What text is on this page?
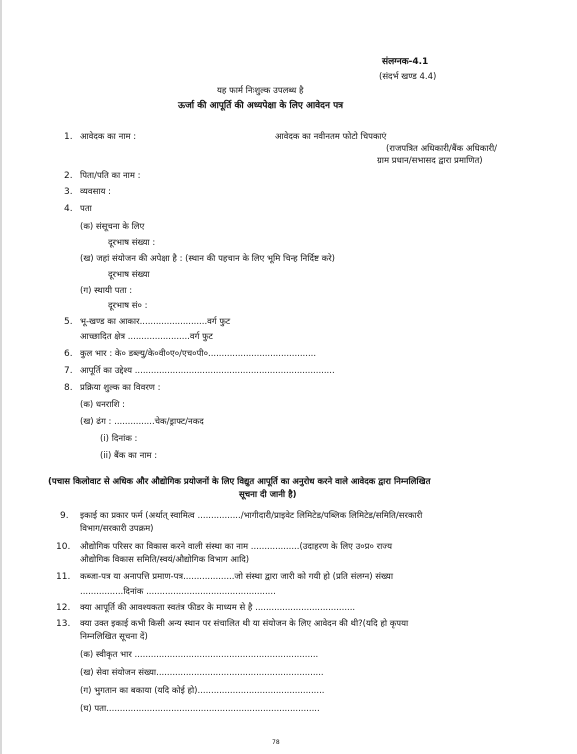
संलग्नक-4.1
(संदर्भ खण्ड 4.4)
यह फार्म निःशुल्क उपलब्ध है
ऊर्जा की आपूर्ति की अध्यपेक्षा के लिए आवेदन पत्र
1. आवेदक का नाम :	आवेदक का नवीनतम फोटो चिपकाएं
(राजपत्रित अधिकारी/बैंक अधिकारी/
ग्राम प्रधान/सभासद द्वारा प्रमाणित)
2. पिता/पति का नाम :
3. व्यवसाय :
4. पता
(क) संसूचना के लिए
दूरभाष संख्या :
(ख) जहां संयोजन की अपेक्षा है : (स्थान की पहचान के लिए भूमि चिन्ह निर्दिष्ट करे)
दूरभाष संख्या
(ग) स्थायी पता :
दूरभाष सं० :
5. भू-खण्ड का आकार.........................वर्ग फुट
आच्छादित क्षेत्र .......................वर्ग फुट
6. कुल भार : के० डब्ल्यु/के०वी०ए०/एच०पी०........................................
7. आपूर्ति का उद्देश्य ..........................................................................
8. प्रक्रिया शुल्क का विवरण :
(क) धनराशि :
(ख) ढंग : ...............चेक/ड्राफ्ट/नकद
(i) दिनांक :
(ii) बैंक का नाम :
(पचास किलोवाट से अधिक और औद्योगिक प्रयोजनों के लिए विद्युत आपूर्ति का अनुरोध करने वाले आवेदक द्वारा निम्नलिखित
सूचना दी जानी है)
9. इकाई का प्रकार फर्म (अर्थात् स्वामित्व ................/भागीदारी/प्राइवेट लिमिटेड/पब्लिक लिमिटेड/समिति/सरकारी
विभाग/सरकारी उपक्रम)
10. औद्योगिक परिसर का विकास करने वाली संस्था का नाम ..................(उदाहरण के लिए उ०प्र० राज्य
औद्योगिक विकास समिति/स्वयं/औद्योगिक विभाग आदि)
11. कब्जा-पत्र या अनापत्ति प्रमाण-पत्र...................जो संस्था द्वारा जारी को गयी हो (प्रति संलग्न) संख्या
................दिनांक ................................................
12. क्या आपूर्ति की आवश्यकता स्वतंत्र फीडर के माध्यम से है .....................................
13. क्या उक्त इकाई कभी किसी अन्य स्थान पर संचालित थी या संयोजन के लिए आवेदन की थी?(यदि हो कृपया
निम्नलिखित सूचना दें)
(क) स्वीकृत भार ....................................................................
(ख) सेवा संयोजन संख्या..............................................................
(ग) भुगतान का बकाया (यदि कोई हो)...............................................
(घ) पता...............................................................................
78
